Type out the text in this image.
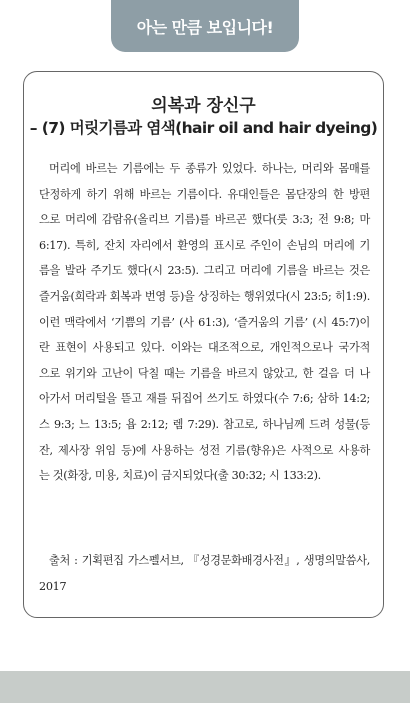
아는 만큼 보입니다!
의복과 장신구
– (7) 머릿기름과 염색(hair oil and hair dyeing)
머리에 바르는 기름에는 두 종류가 있었다. 하나는, 머리와 몸매를
단정하게 하기 위해 바르는 기름이다. 유대인들은 몸단장의 한 방편
으로 머리에 감람유(올리브 기름)를 바르곤 했다(룻 3:3; 전 9:8; 마
6:17). 특히, 잔치 자리에서 환영의 표시로 주인이 손님의 머리에 기
름을 발라 주기도 했다(시 23:5). 그리고 머리에 기름을 바르는 것은
즐거움(희락과 회복과 번영 등)을 상징하는 행위였다(시 23:5; 히1:9).
이런 맥락에서 ‘기쁨의 기름’ (사 61:3), ‘즐거움의 기름’ (시 45:7)이
란 표현이 사용되고 있다. 이와는 대조적으로, 개인적으로나 국가적
으로 위기와 고난이 닥칠 때는 기름을 바르지 않았고, 한 걸음 더 나
아가서 머리털을 뜯고 재를 뒤집어 쓰기도 하였다(수 7:6; 삼하 14:2;
스 9:3; 느 13:5; 욥 2:12; 렘 7:29). 참고로, 하나님께 드려 성물(등
잔, 제사장 위임 등)에 사용하는 성전 기름(향유)은 사적으로 사용하
는 것(화장, 미용, 치료)이 금지되었다(출 30:32; 시 133:2).
출처 : 기획편집 가스펠서브, 『성경문화배경사전』, 생명의말씀사,
2017
